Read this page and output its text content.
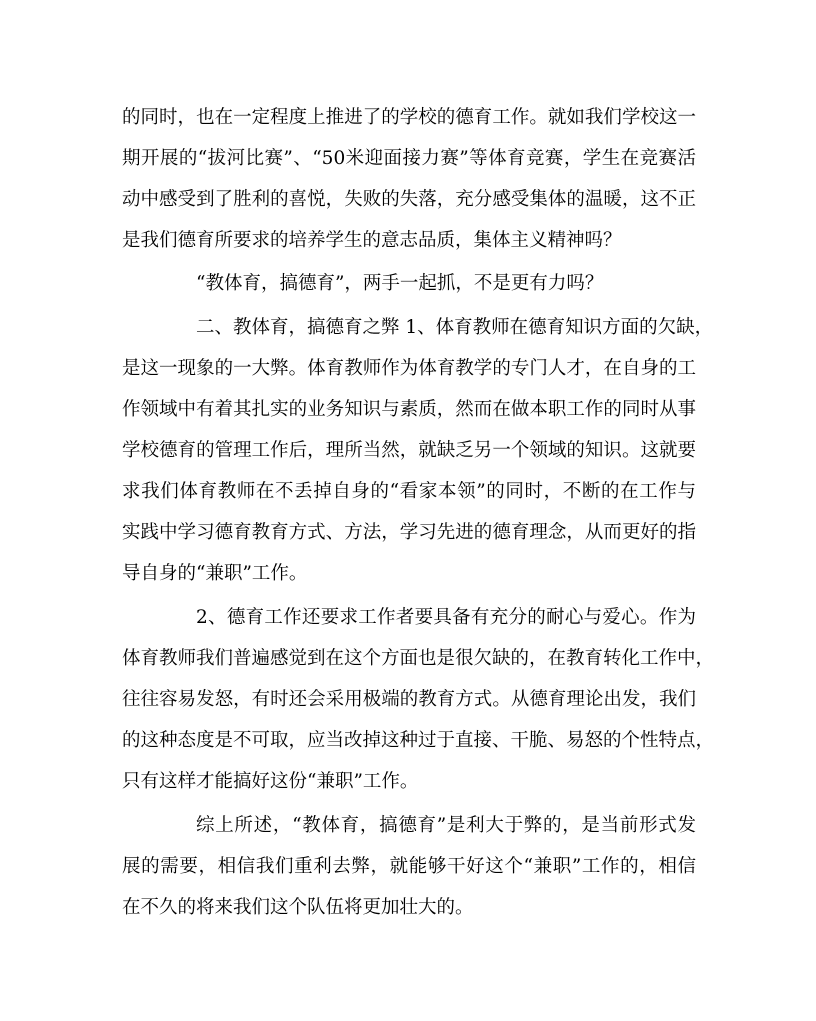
的同时，也在一定程度上推进了的学校的德育工作。就如我们学校这一
期开展的“拔河比赛”、“50米迎面接力赛”等体育竞赛，学生在竞赛活
动中感受到了胜利的喜悦，失败的失落，充分感受集体的温暖，这不正
是我们德育所要求的培养学生的意志品质，集体主义精神吗？
“教体育，搞德育”，两手一起抓，不是更有力吗？
二、教体育，搞德育之弊 1、体育教师在德育知识方面的欠缺，
是这一现象的一大弊。体育教师作为体育教学的专门人才，在自身的工
作领域中有着其扎实的业务知识与素质，然而在做本职工作的同时从事
学校德育的管理工作后，理所当然，就缺乏另一个领域的知识。这就要
求我们体育教师在不丢掉自身的“看家本领”的同时，不断的在工作与
实践中学习德育教育方式、方法，学习先进的德育理念，从而更好的指
导自身的“兼职”工作。
2、德育工作还要求工作者要具备有充分的耐心与爱心。作为
体育教师我们普遍感觉到在这个方面也是很欠缺的，在教育转化工作中，
往往容易发怒，有时还会采用极端的教育方式。从德育理论出发，我们
的这种态度是不可取，应当改掉这种过于直接、干脆、易怒的个性特点，
只有这样才能搞好这份“兼职”工作。
综上所述，“教体育，搞德育”是利大于弊的，是当前形式发
展的需要，相信我们重利去弊，就能够干好这个“兼职”工作的，相信
在不久的将来我们这个队伍将更加壮大的。
